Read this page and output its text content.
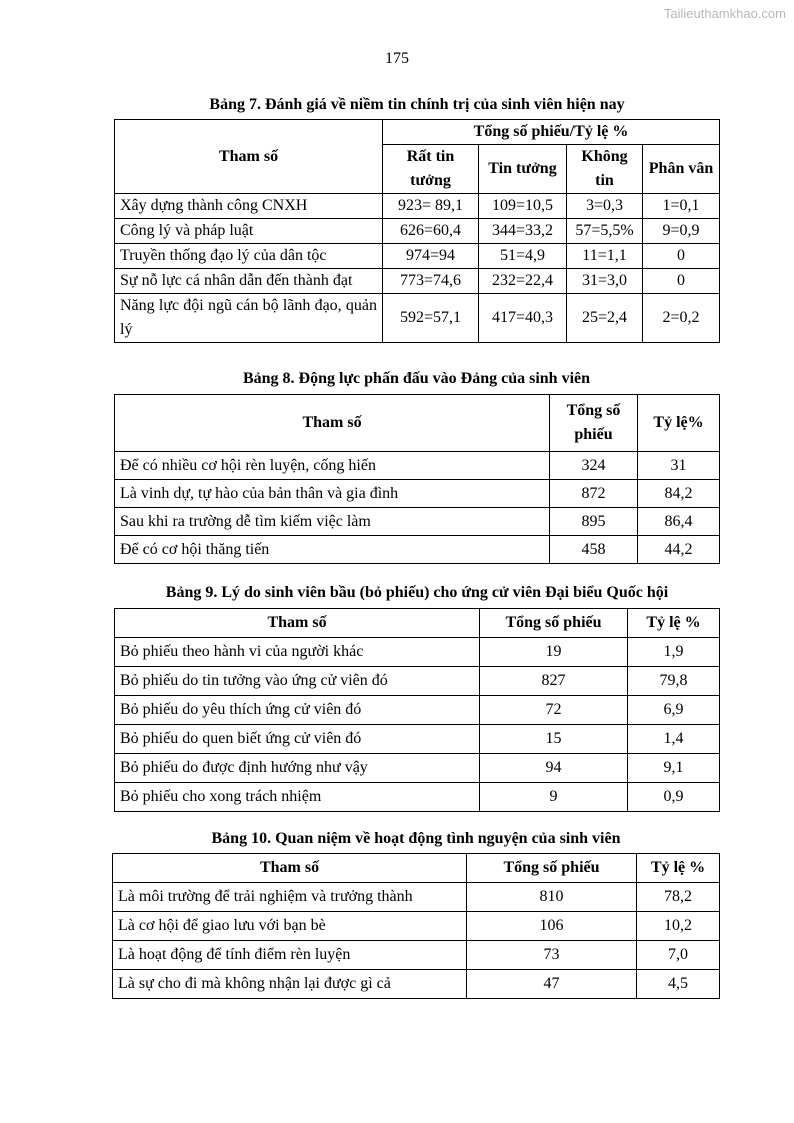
Tailieuthamkhao.com
175
Bảng 7. Đánh giá về niềm tin chính trị của sinh viên hiện nay
Tham số	Tổng số phiếu/Tỷ lệ %			
	Rất tin tưởng	Tin tưởng	Không tin	Phân vân
Xây dựng thành công CNXH	923= 89,1	109=10,5	3=0,3	1=0,1
Công lý và pháp luật	626=60,4	344=33,2	57=5,5%	9=0,9
Truyền thống đạo lý của dân tộc	974=94	51=4,9	11=1,1	0
Sự nỗ lực cá nhân dẫn đến thành đạt	773=74,6	232=22,4	31=3,0	0
Năng lực đội ngũ cán bộ lãnh đạo, quản lý	592=57,1	417=40,3	25=2,4	2=0,2
Bảng 8. Động lực phấn đấu vào Đảng của sinh viên
Tham số	Tổng số phiếu	Tỷ lệ%
Để có nhiều cơ hội rèn luyện, cống hiến	324	31
Là vinh dự, tự hào của bản thân và gia đình	872	84,2
Sau khi ra trường dễ tìm kiếm việc làm	895	86,4
Để có cơ hội thăng tiến	458	44,2
Bảng 9. Lý do sinh viên bầu (bỏ phiếu) cho ứng cử viên Đại biểu Quốc hội
Tham số	Tổng số phiếu	Tỷ lệ %
Bỏ phiếu theo hành vi của người khác	19	1,9
Bỏ phiếu do tin tưởng vào ứng cử viên đó	827	79,8
Bỏ phiếu do yêu thích ứng cử viên đó	72	6,9
Bỏ phiếu do quen biết ứng cử viên đó	15	1,4
Bỏ phiếu do được định hướng như vậy	94	9,1
Bỏ phiếu cho xong trách nhiệm	9	0,9
Bảng 10. Quan niệm về hoạt động tình nguyện của sinh viên
Tham số	Tổng số phiếu	Tỷ lệ %
Là môi trường để trải nghiệm và trưởng thành	810	78,2
Là cơ hội để giao lưu với bạn bè	106	10,2
Là hoạt động để tính điểm rèn luyện	73	7,0
Là sự cho đi mà không nhận lại được gì cả	47	4,5
